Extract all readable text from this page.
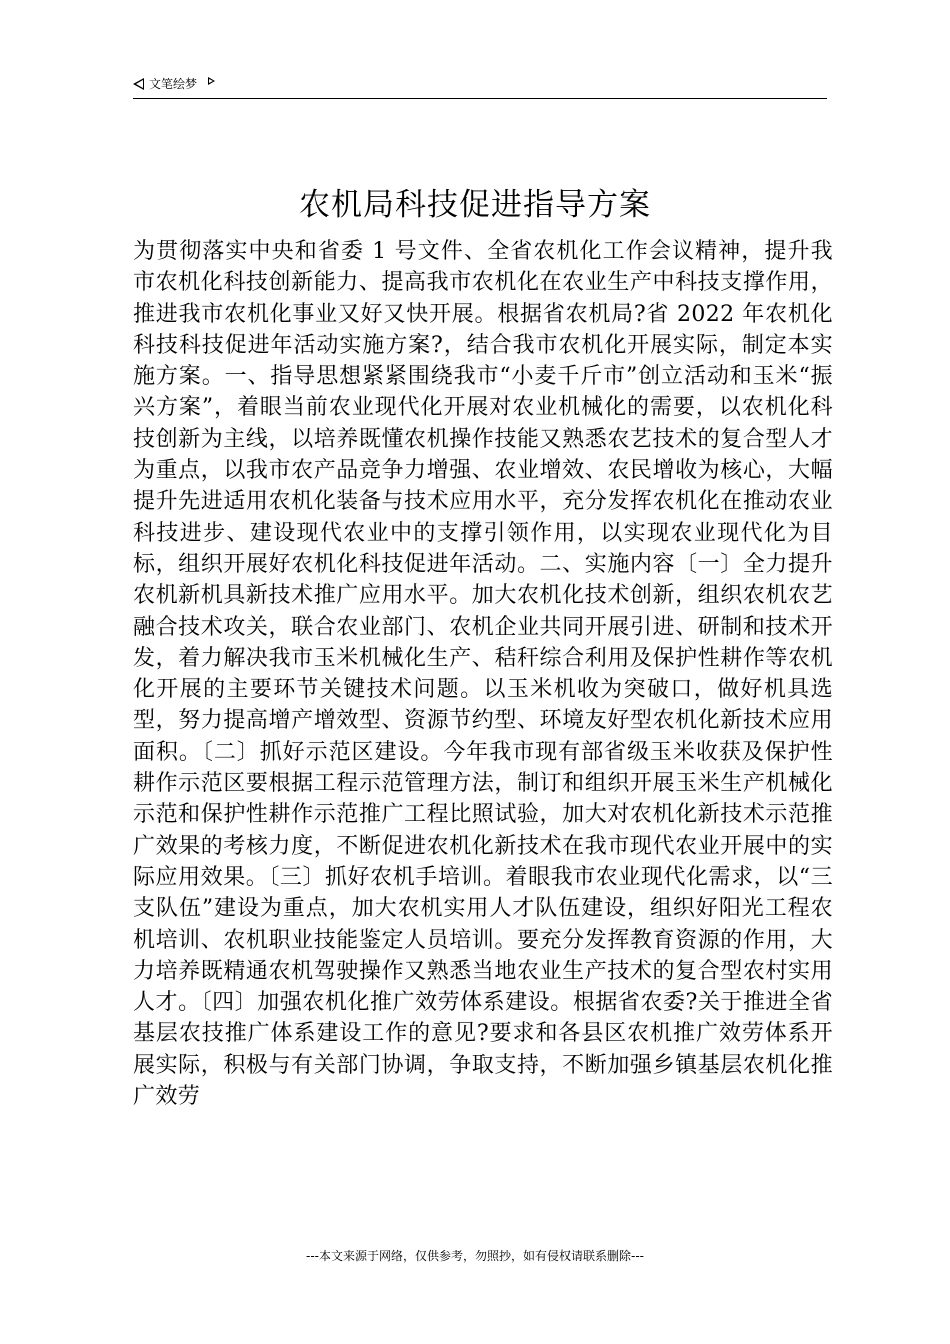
文笔绘梦
农机局科技促进指导方案

为贯彻落实中央和省委 1 号文件、全省农机化工作会议精神，提升我市农机化科技创新能力、提高我市农机化在农业生产中科技支撑作用，推进我市农机化事业又好又快开展。根据省农机局?省 2022 年农机化科技科技促进年活动实施方案?，结合我市农机化开展实际，制定本实施方案。一、指导思想紧紧围绕我市“小麦千斤市”创立活动和玉米“振兴方案”，着眼当前农业现代化开展对农业机械化的需要，以农机化科技创新为主线，以培养既懂农机操作技能又熟悉农艺技术的复合型人才为重点，以我市农产品竞争力增强、农业增效、农民增收为核心，大幅提升先进适用农机化装备与技术应用水平，充分发挥农机化在推动农业科技进步、建设现代农业中的支撑引领作用，以实现农业现代化为目标，组织开展好农机化科技促进年活动。二、实施内容〔一〕全力提升农机新机具新技术推广应用水平。加大农机化技术创新，组织农机农艺融合技术攻关，联合农业部门、农机企业共同开展引进、研制和技术开发，着力解决我市玉米机械化生产、秸秆综合利用及保护性耕作等农机化开展的主要环节关键技术问题。以玉米机收为突破口，做好机具选型，努力提高增产增效型、资源节约型、环境友好型农机化新技术应用面积。〔二〕抓好示范区建设。今年我市现有部省级玉米收获及保护性耕作示范区要根据工程示范管理方法，制订和组织开展玉米生产机械化示范和保护性耕作示范推广工程比照试验，加大对农机化新技术示范推广效果的考核力度，不断促进农机化新技术在我市现代农业开展中的实际应用效果。〔三〕抓好农机手培训。着眼我市农业现代化需求，以“三支队伍”建设为重点，加大农机实用人才队伍建设，组织好阳光工程农机培训、农机职业技能鉴定人员培训。要充分发挥教育资源的作用，大力培养既精通农机驾驶操作又熟悉当地农业生产技术的复合型农村实用人才。〔四〕加强农机化推广效劳体系建设。根据省农委?关于推进全省基层农技推广体系建设工作的意见?要求和各县区农机推广效劳体系开展实际，积极与有关部门协调，争取支持，不断加强乡镇基层农机化推广效劳

---本文来源于网络，仅供参考，勿照抄，如有侵权请联系删除---
